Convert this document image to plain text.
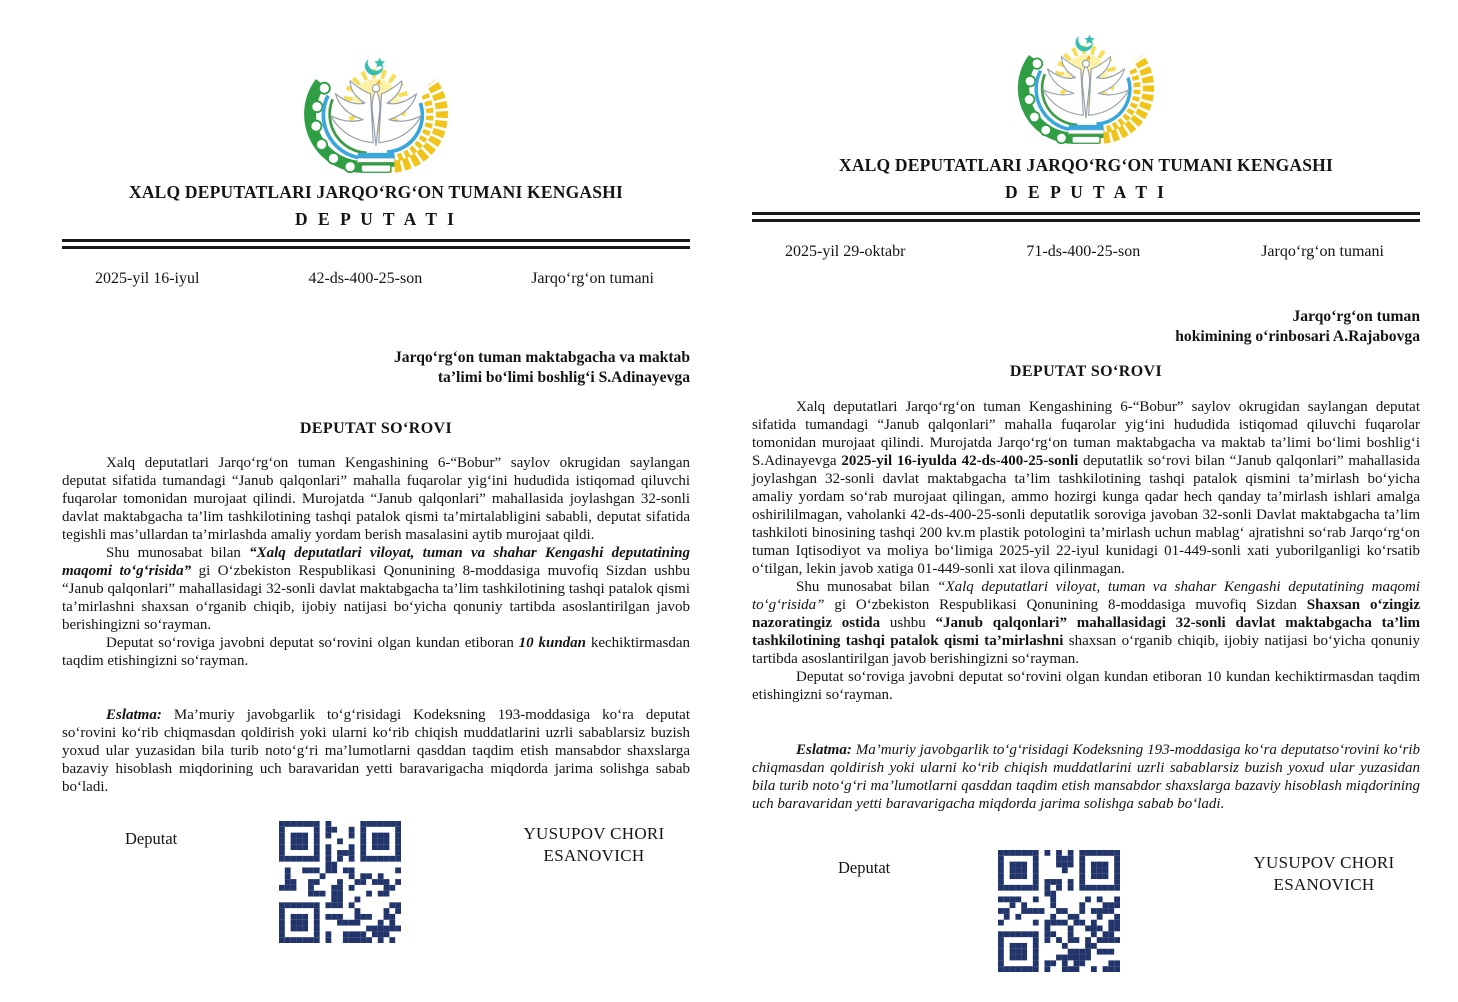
XALQ DEPUTATLARI JARQO‘RG‘ON TUMANI KENGASHI
D E P U T A T I
2025-yil 16-iyul	42-ds-400-25-son	Jarqo‘rg‘on tumani
Jarqo‘rg‘on tuman maktabgacha va maktab
ta’limi bo‘limi boshlig‘i S.Adinayevga
DEPUTAT SO‘ROVI

Xalq deputatlari Jarqo‘rg‘on tuman Kengashining 6-“Bobur” saylov okrugidan saylangan deputat sifatida tumandagi “Janub qalqonlari” mahalla fuqarolar yig‘ini hududida istiqomad qiluvchi fuqarolar tomonidan murojaat qilindi. Murojatda “Janub qalqonlari” mahallasida joylashgan 32-sonli davlat maktabgacha ta’lim tashkilotining tashqi patalok qismi ta’mirtalabligini sababli, deputat sifatida tegishli mas’ullardan ta’mirlashda amaliy yordam berish masalasini aytib murojaat qildi.

Shu munosabat bilan “Xalq deputatlari viloyat, tuman va shahar Kengashi deputatining maqomi to‘g‘risida” gi O‘zbekiston Respublikasi Qonunining 8-moddasiga muvofiq Sizdan ushbu “Janub qalqonlari” mahallasidagi 32-sonli davlat maktabgacha ta’lim tashkilotining tashqi patalok qismi ta’mirlashni shaxsan o‘rganib chiqib, ijobiy natijasi bo‘yicha qonuniy tartibda asoslantirilgan javob berishingizni so‘rayman.

Deputat so‘roviga javobni deputat so‘rovini olgan kundan etiboran 10 kundan kechiktirmasdan taqdim etishingizni so‘rayman.

Eslatma: Ma’muriy javobgarlik to‘g‘risidagi Kodeksning 193-moddasiga ko‘ra deputat so‘rovini ko‘rib chiqmasdan qoldirish yoki ularni ko‘rib chiqish muddatlarini uzrli sabablarsiz buzish yoxud ular yuzasidan bila turib noto‘g‘ri ma’lumotlarni qasddan taqdim etish mansabdor shaxslarga bazaviy hisoblash miqdorining uch baravaridan yetti baravarigacha miqdorda jarima solishga sabab bo‘ladi.

Deputat	YUSUPOV CHORI
ESANOVICH
XALQ DEPUTATLARI JARQO‘RG‘ON TUMANI KENGASHI
D E P U T A T I
2025-yil 29-oktabr	71-ds-400-25-son	Jarqo‘rg‘on tumani
Jarqo‘rg‘on tuman
hokimining o‘rinbosari A.Rajabovga
DEPUTAT SO‘ROVI

Xalq deputatlari Jarqo‘rg‘on tuman Kengashining 6-“Bobur” saylov okrugidan saylangan deputat sifatida tumandagi “Janub qalqonlari” mahalla fuqarolar yig‘ini hududida istiqomad qiluvchi fuqarolar tomonidan murojaat qilindi. Murojatda Jarqo‘rg‘on tuman maktabgacha va maktab ta’limi bo‘limi boshlig‘i S.Adinayevga 2025-yil 16-iyulda 42-ds-400-25-sonli deputatlik so‘rovi bilan “Janub qalqonlari” mahallasida joylashgan 32-sonli davlat maktabgacha ta’lim tashkilotining tashqi patalok qismini ta’mirlash bo‘yicha amaliy yordam so‘rab murojaat qilingan, ammo hozirgi kunga qadar hech qanday ta’mirlash ishlari amalga oshirililmagan, vaholanki 42-ds-400-25-sonli deputatlik soroviga javoban 32-sonli Davlat maktabgacha ta’lim tashkiloti binosining tashqi 200 kv.m plastik potologini ta’mirlash uchun mablag‘ ajratishni so‘rab Jarqo‘rg‘on tuman Iqtisodiyot va moliya bo‘limiga 2025-yil 22-iyul kunidagi 01-449-sonli xati yuborilganligi ko‘rsatib o‘tilgan, lekin javob xatiga 01-449-sonli xat ilova qilinmagan.

Shu munosabat bilan “Xalq deputatlari viloyat, tuman va shahar Kengashi deputatining maqomi to‘g‘risida” gi O‘zbekiston Respublikasi Qonunining 8-moddasiga muvofiq Sizdan Shaxsan o‘zingiz nazoratingiz ostida ushbu “Janub qalqonlari” mahallasidagi 32-sonli davlat maktabgacha ta’lim tashkilotining tashqi patalok qismi ta’mirlashni shaxsan o‘rganib chiqib, ijobiy natijasi bo‘yicha qonuniy tartibda asoslantirilgan javob berishingizni so‘rayman.

Deputat so‘roviga javobni deputat so‘rovini olgan kundan etiboran 10 kundan kechiktirmasdan taqdim etishingizni so‘rayman.

Eslatma: Ma’muriy javobgarlik to‘g‘risidagi Kodeksning 193-moddasiga ko‘ra deputatso‘rovini ko‘rib chiqmasdan qoldirish yoki ularni ko‘rib chiqish muddatlarini uzrli sabablarsiz buzish yoxud ular yuzasidan bila turib noto‘g‘ri ma’lumotlarni qasddan taqdim etish mansabdor shaxslarga bazaviy hisoblash miqdorining uch baravaridan yetti baravarigacha miqdorda jarima solishga sabab bo‘ladi.

Deputat	YUSUPOV CHORI
ESANOVICH
